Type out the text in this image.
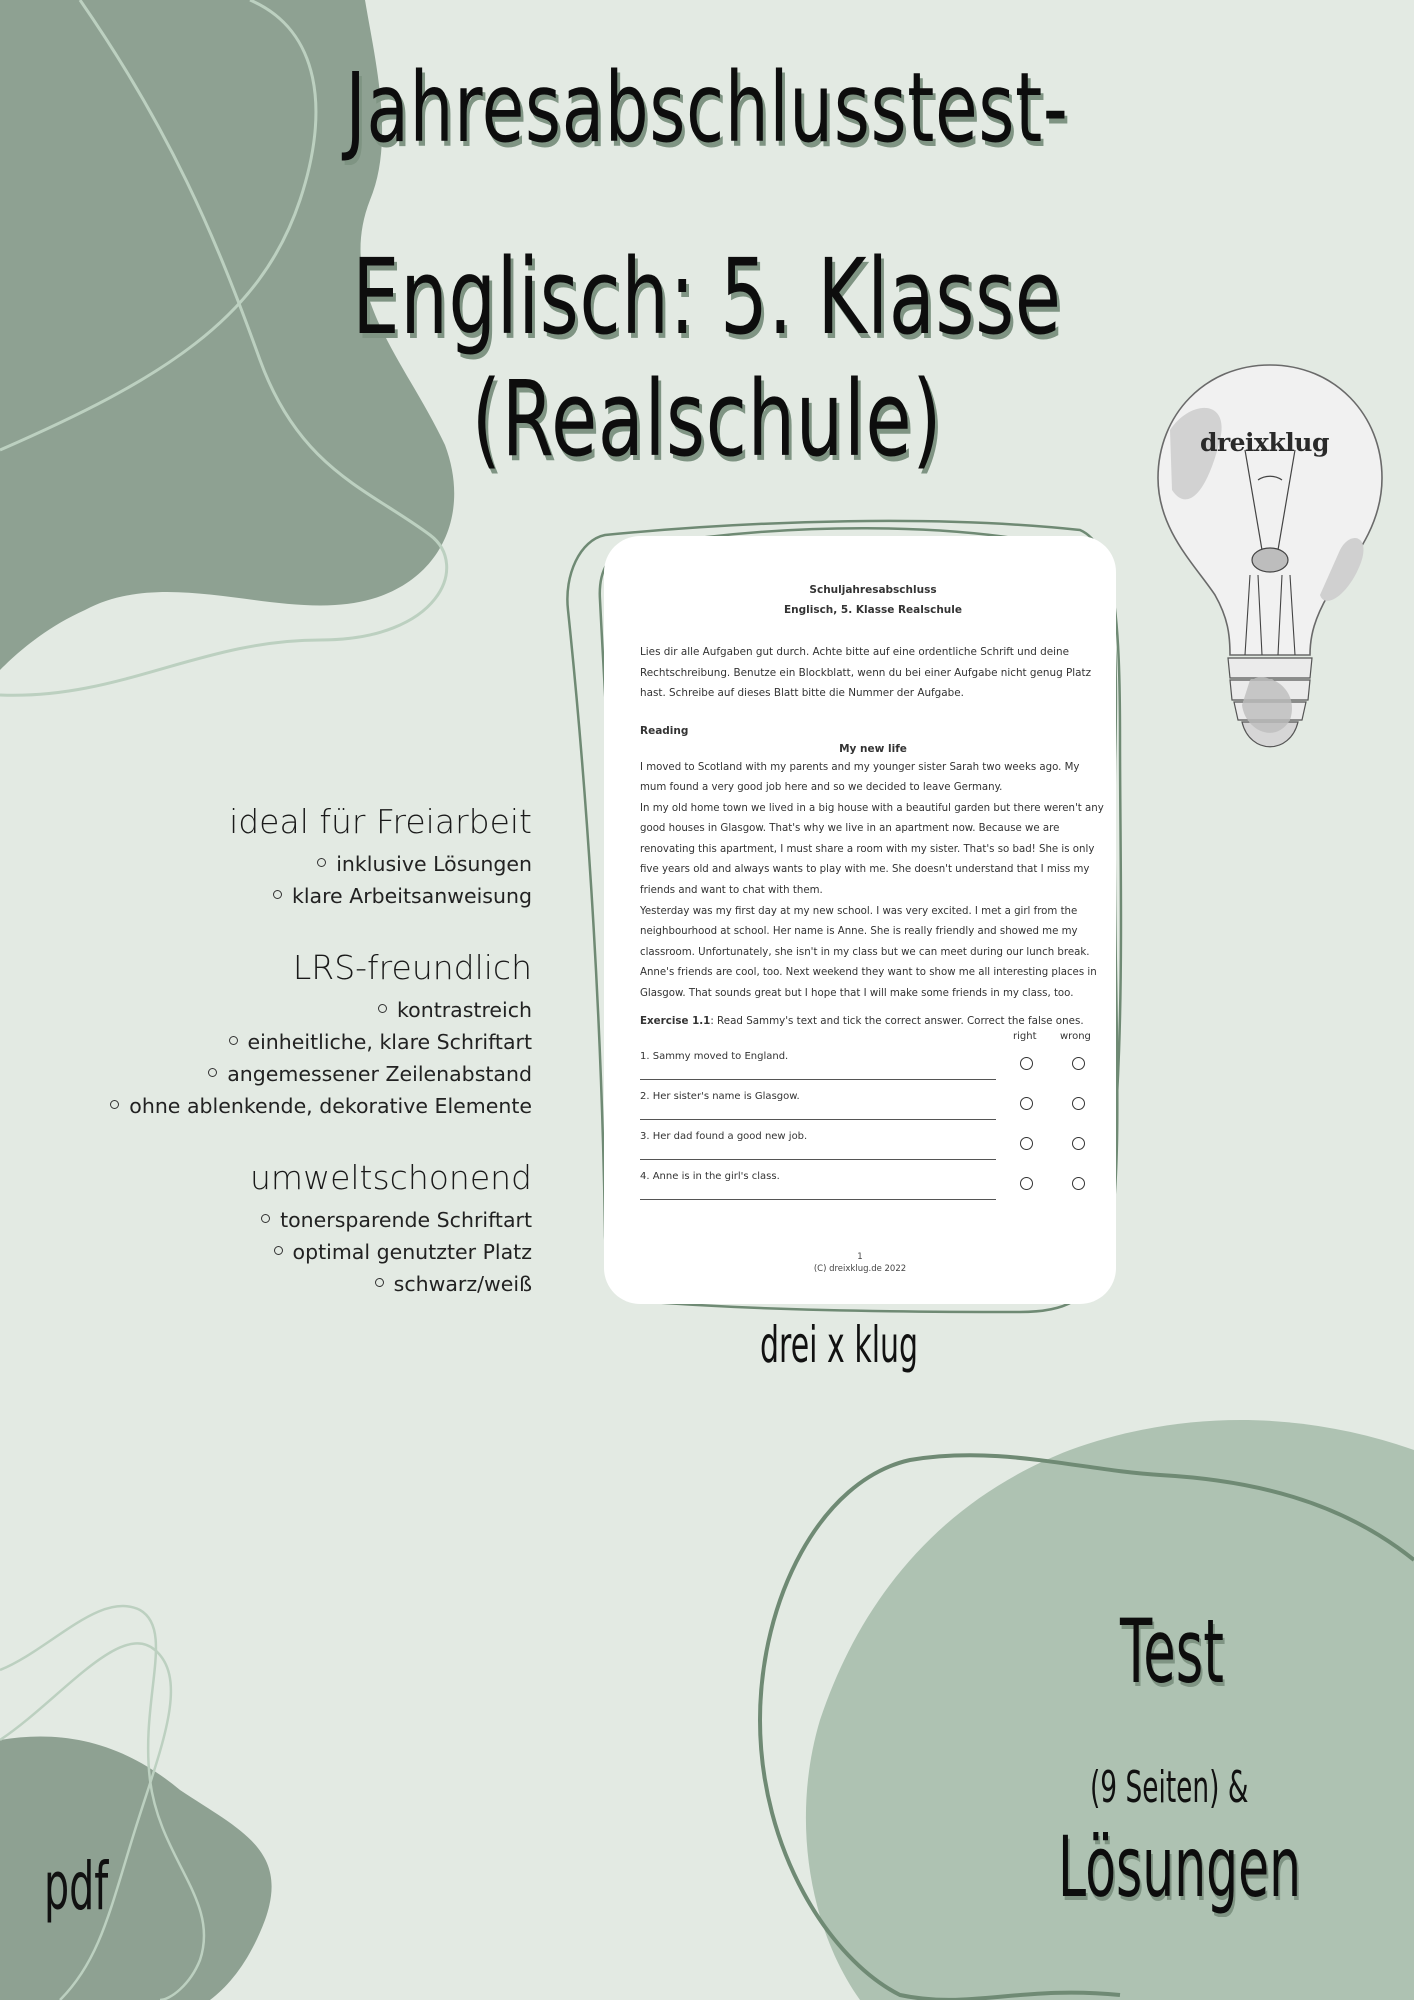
Jahresabschlusstest-
Englisch: 5. Klasse (Realschule)	dreixklug
ideal für Freiarbeit
inklusive Lösungen
klare Arbeitsanweisung
LRS-freundlich
kontrastreich
einheitliche, klare Schriftart
angemessener Zeilenabstand
ohne ablenkende, dekorative Elemente
umweltschonend
tonersparende Schriftart
optimal genutzter Platz
schwarz/weiß
Schuljahresabschluss
Englisch, 5. Klasse Realschule
Lies dir alle Aufgaben gut durch. Achte bitte auf eine ordentliche Schrift und deine Rechtschreibung. Benutze ein Blockblatt, wenn du bei einer Aufgabe nicht genug Platz hast. Schreibe auf dieses Blatt bitte die Nummer der Aufgabe.
Reading
My new life
I moved to Scotland with my parents and my younger sister Sarah two weeks ago. My mum found a very good job here and so we decided to leave Germany.
In my old home town we lived in a big house with a beautiful garden but there weren't any good houses in Glasgow. That's why we live in an apartment now. Because we are renovating this apartment, I must share a room with my sister. That's so bad! She is only five years old and always wants to play with me. She doesn't understand that I miss my friends and want to chat with them.
Yesterday was my first day at my new school. I was very excited. I met a girl from the neighbourhood at school. Her name is Anne. She is really friendly and showed me my classroom. Unfortunately, she isn't in my class but we can meet during our lunch break. Anne's friends are cool, too. Next weekend they want to show me all interesting places in Glasgow. That sounds great but I hope that I will make some friends in my class, too.
Exercise 1.1: Read Sammy's text and tick the correct answer. Correct the false ones.
right wrong
1. Sammy moved to England.
2. Her sister's name is Glasgow.
3. Her dad found a good new job.
4. Anne is in the girl's class.
1
(C) dreixklug.de 2022
drei x klug
Test
(9 Seiten) &
Lösungen
pdf
